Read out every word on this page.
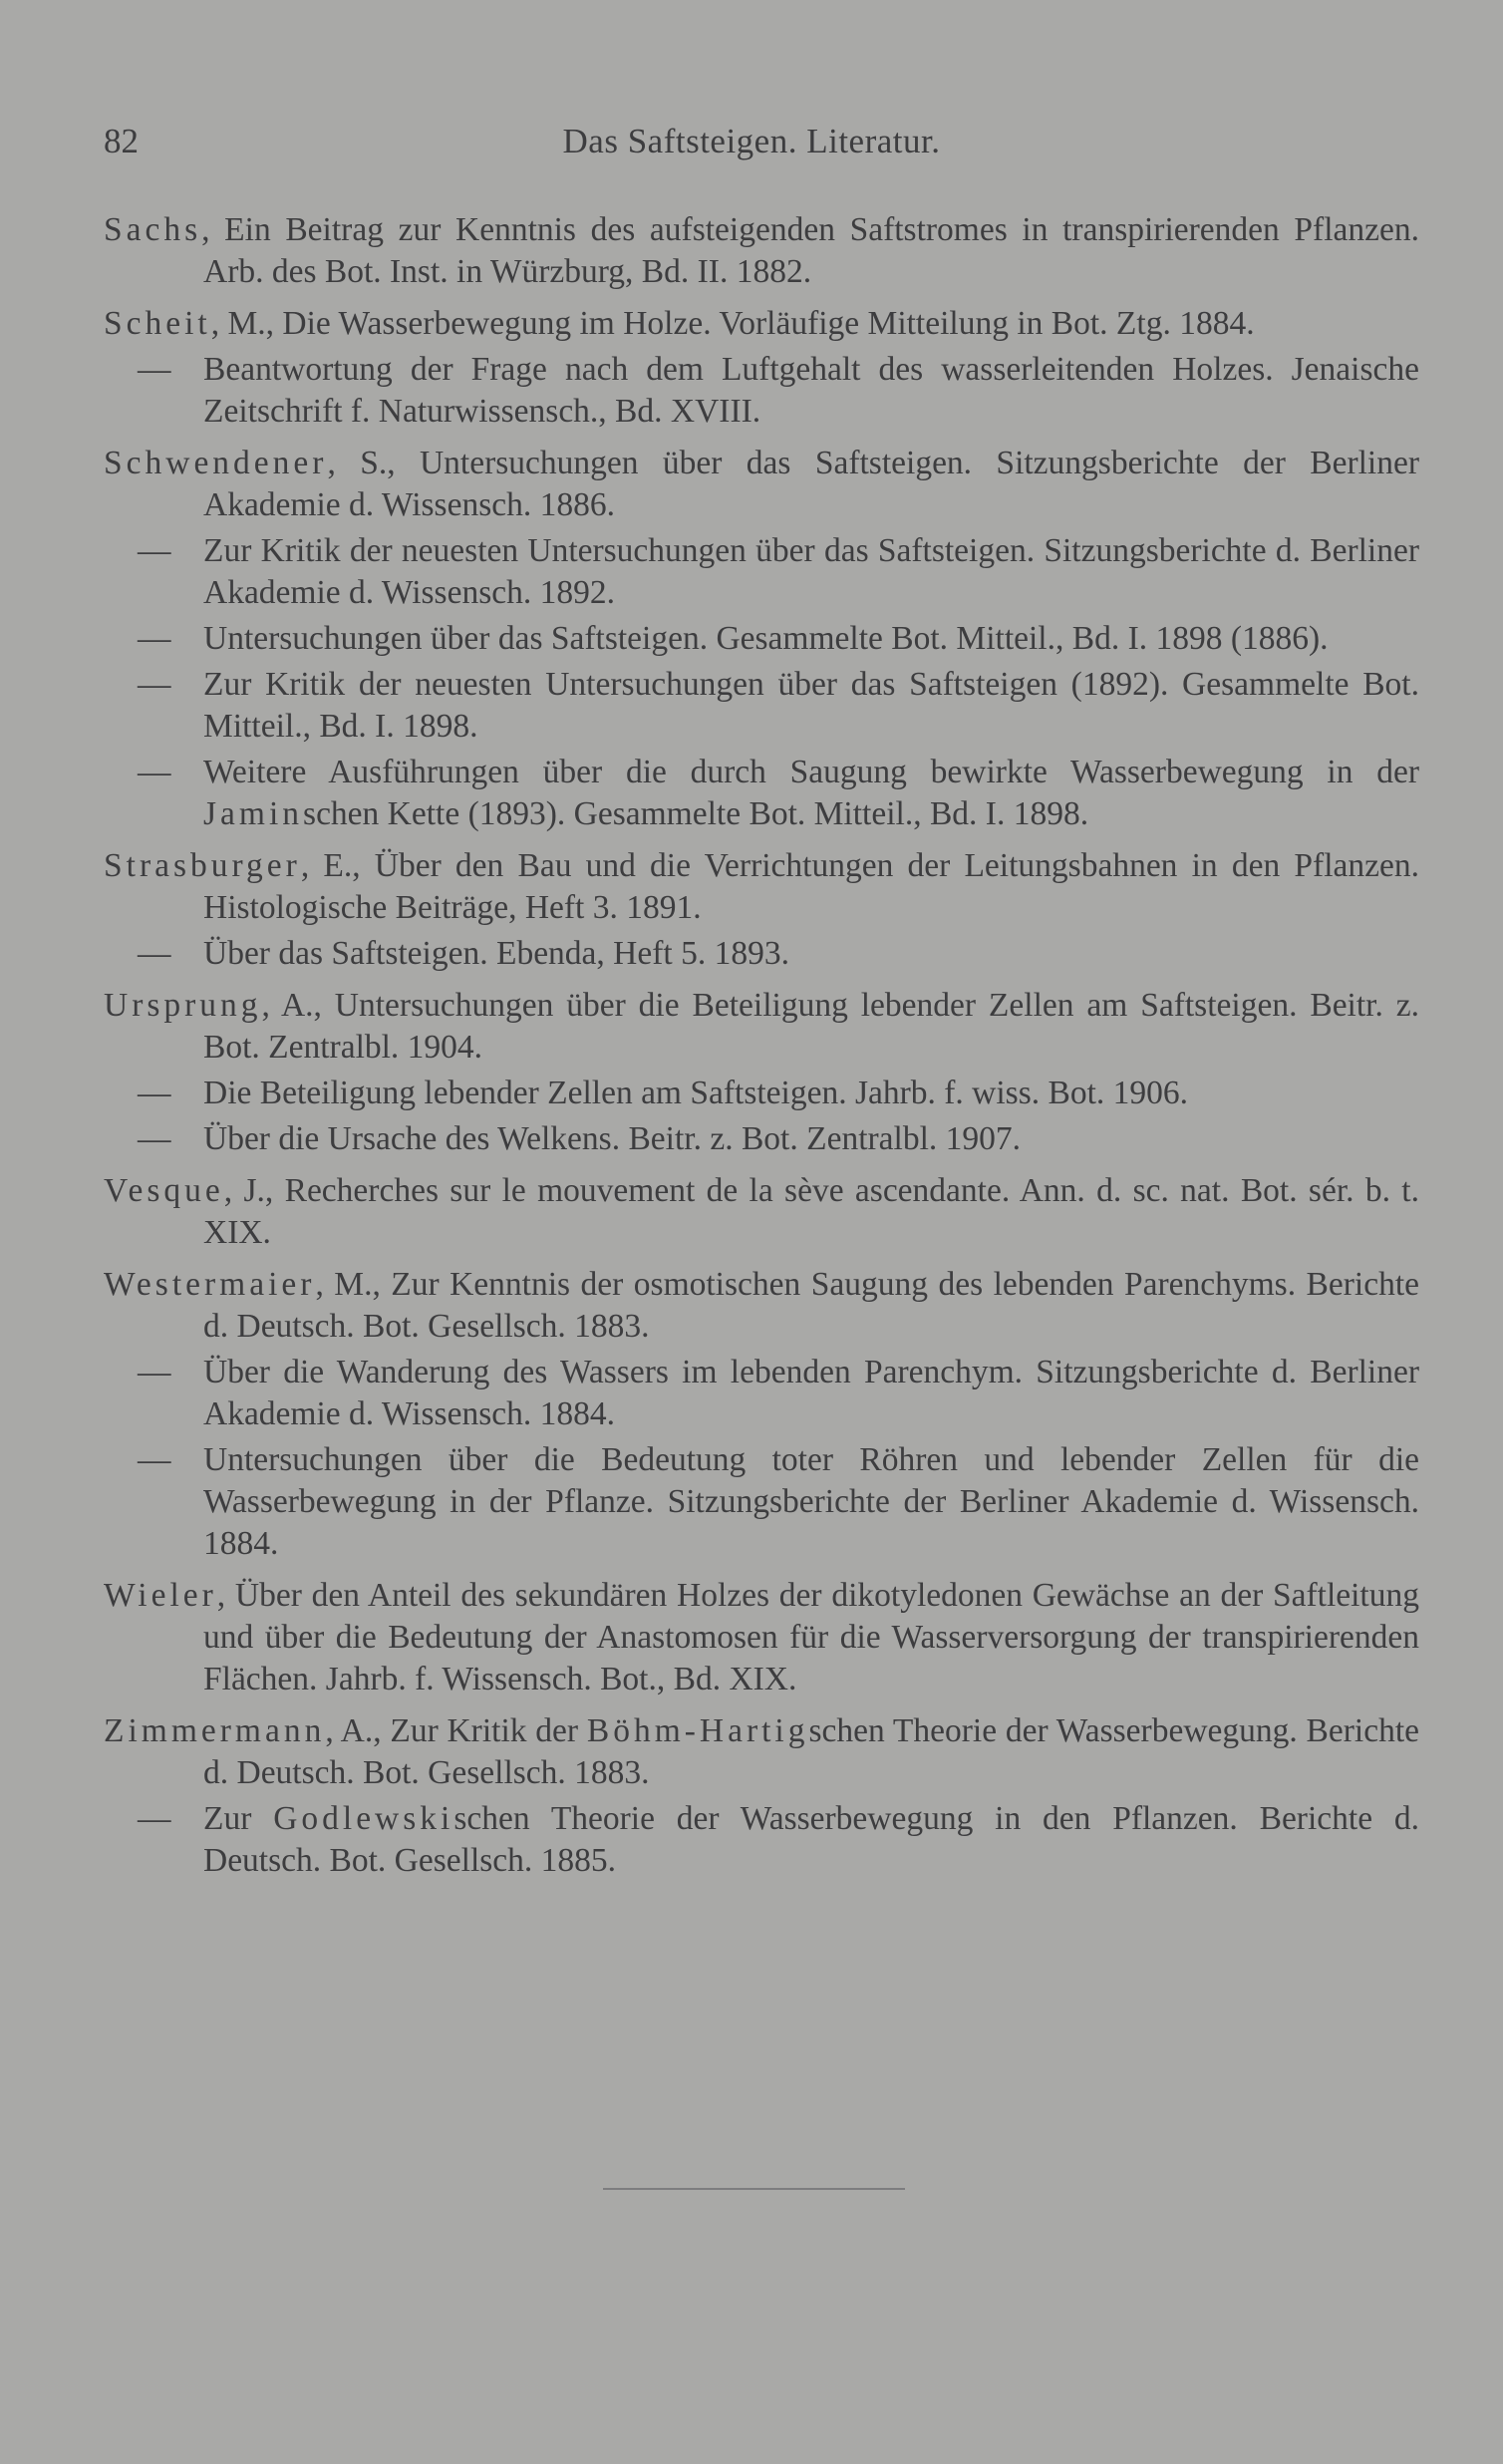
82	Das Saftsteigen. Literatur.
Sachs, Ein Beitrag zur Kenntnis des aufsteigenden Saftstromes in transpirierenden Pflanzen. Arb. des Bot. Inst. in Würzburg, Bd. II. 1882.
Scheit, M., Die Wasserbewegung im Holze. Vorläufige Mitteilung in Bot. Ztg. 1884.
— Beantwortung der Frage nach dem Luftgehalt des wasserleitenden Holzes. Jenaische Zeitschrift f. Naturwissensch., Bd. XVIII.
Schwendener, S., Untersuchungen über das Saftsteigen. Sitzungsberichte der Berliner Akademie d. Wissensch. 1886.
— Zur Kritik der neuesten Untersuchungen über das Saftsteigen. Sitzungsberichte d. Berliner Akademie d. Wissensch. 1892.
— Untersuchungen über das Saftsteigen. Gesammelte Bot. Mitteil., Bd. I. 1898 (1886).
— Zur Kritik der neuesten Untersuchungen über das Saftsteigen (1892). Gesammelte Bot. Mitteil., Bd. I. 1898.
— Weitere Ausführungen über die durch Saugung bewirkte Wasserbewegung in der Jaminschen Kette (1893). Gesammelte Bot. Mitteil., Bd. I. 1898.
Strasburger, E., Über den Bau und die Verrichtungen der Leitungsbahnen in den Pflanzen. Histologische Beiträge, Heft 3. 1891.
— Über das Saftsteigen. Ebenda, Heft 5. 1893.
Ursprung, A., Untersuchungen über die Beteiligung lebender Zellen am Saftsteigen. Beitr. z. Bot. Zentralbl. 1904.
— Die Beteiligung lebender Zellen am Saftsteigen. Jahrb. f. wiss. Bot. 1906.
— Über die Ursache des Welkens. Beitr. z. Bot. Zentralbl. 1907.
Vesque, J., Recherches sur le mouvement de la sève ascendante. Ann. d. sc. nat. Bot. sér. b. t. XIX.
Westermaier, M., Zur Kenntnis der osmotischen Saugung des lebenden Parenchyms. Berichte d. Deutsch. Bot. Gesellsch. 1883.
— Über die Wanderung des Wassers im lebenden Parenchym. Sitzungsberichte d. Berliner Akademie d. Wissensch. 1884.
— Untersuchungen über die Bedeutung toter Röhren und lebender Zellen für die Wasserbewegung in der Pflanze. Sitzungsberichte der Berliner Akademie d. Wissensch. 1884.
Wieler, Über den Anteil des sekundären Holzes der dikotyledonen Gewächse an der Saftleitung und über die Bedeutung der Anastomosen für die Wasserversorgung der transpirierenden Flächen. Jahrb. f. Wissensch. Bot., Bd. XIX.
Zimmermann, A., Zur Kritik der Böhm-Hartigschen Theorie der Wasserbewegung. Berichte d. Deutsch. Bot. Gesellsch. 1883.
— Zur Godlewskischen Theorie der Wasserbewegung in den Pflanzen. Berichte d. Deutsch. Bot. Gesellsch. 1885.
